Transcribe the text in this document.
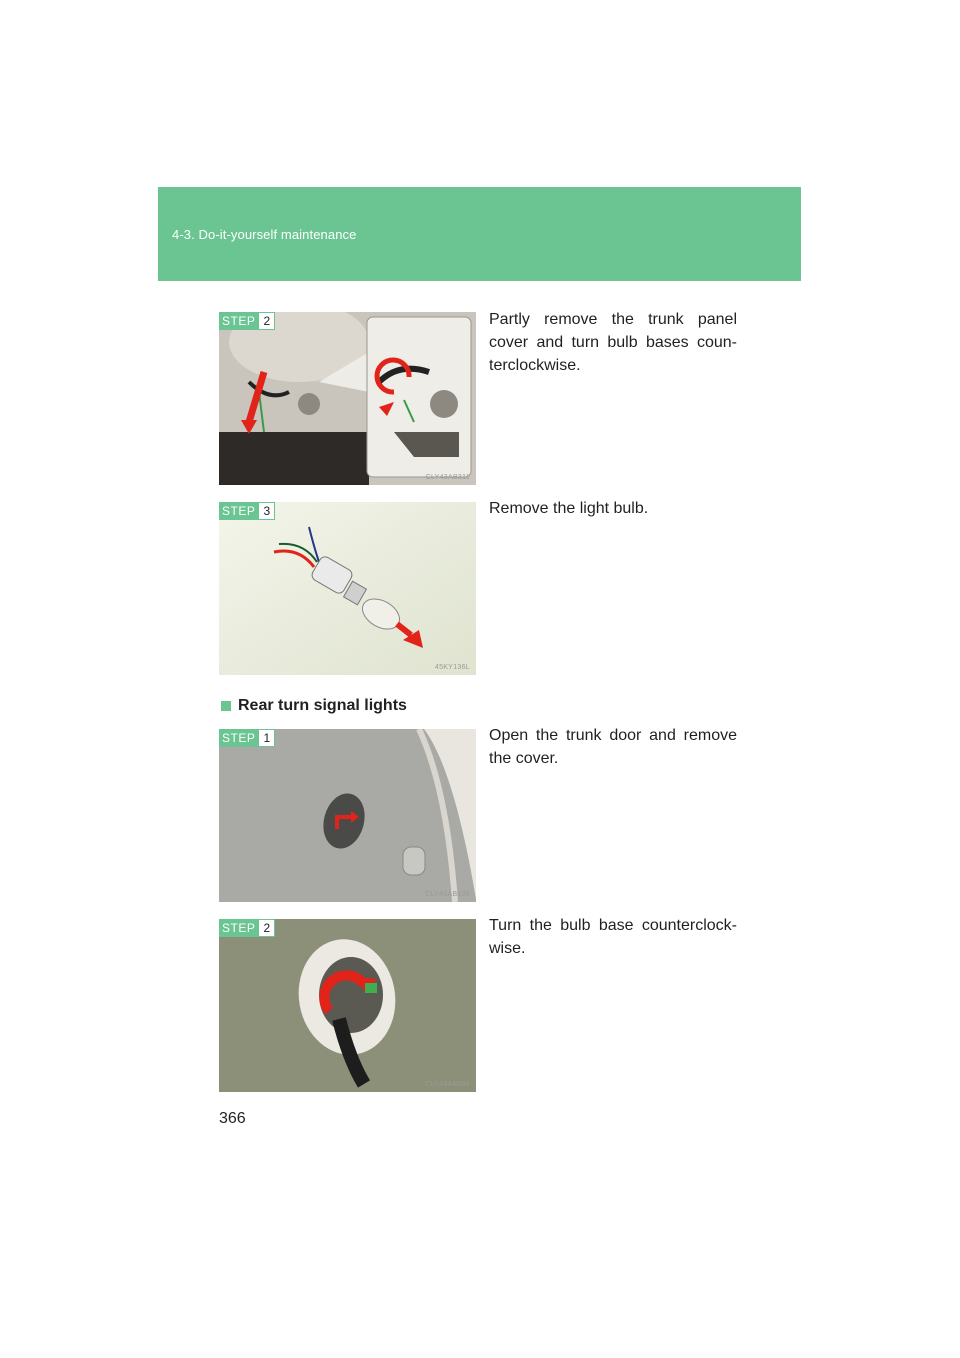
4-3. Do-it-yourself maintenance
STEP 2
CLY43AB311
Partly remove the trunk panel cover and turn bulb bases coun-terclockwise.
STEP 3
45KY136L
Remove the light bulb.
Rear turn signal lights
STEP 1
CLY43AB136
Open the trunk door and remove the cover.
STEP 2
CLY43AB309
Turn the bulb base counterclock-wise.
366
